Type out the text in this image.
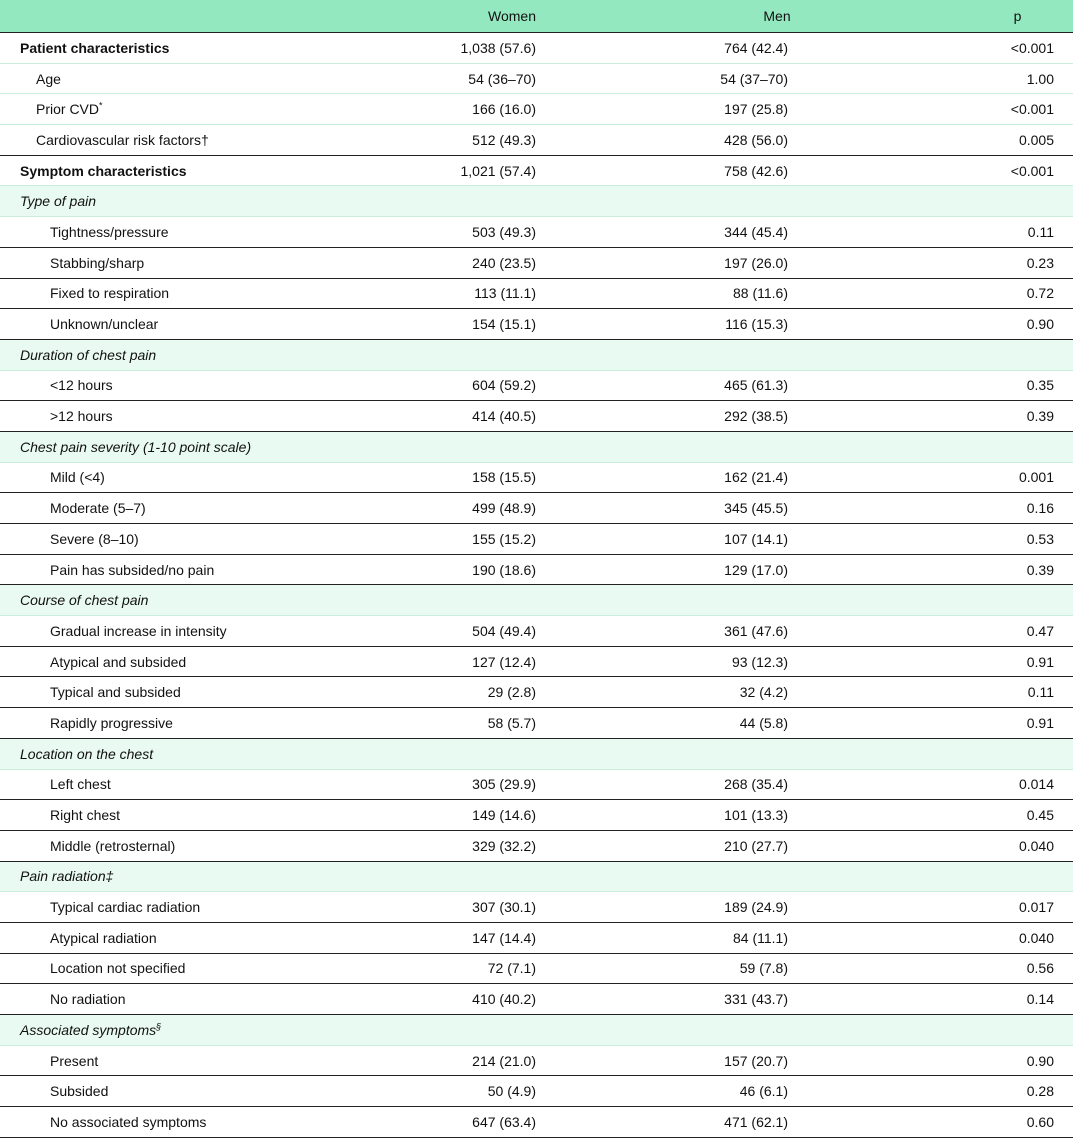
	Women	Men	p
Patient characteristics	1,038 (57.6)	764 (42.4)	<0.001
Age	54 (36–70)	54 (37–70)	1.00
Prior CVD*	166 (16.0)	197 (25.8)	<0.001
Cardiovascular risk factors†	512 (49.3)	428 (56.0)	0.005
Symptom characteristics	1,021 (57.4)	758 (42.6)	<0.001
Type of pain			
Tightness/pressure	503 (49.3)	344 (45.4)	0.11
Stabbing/sharp	240 (23.5)	197 (26.0)	0.23
Fixed to respiration	113 (11.1)	88 (11.6)	0.72
Unknown/unclear	154 (15.1)	116 (15.3)	0.90
Duration of chest pain			
<12 hours	604 (59.2)	465 (61.3)	0.35
>12 hours	414 (40.5)	292 (38.5)	0.39
Chest pain severity (1-10 point scale)			
Mild (<4)	158 (15.5)	162 (21.4)	0.001
Moderate (5–7)	499 (48.9)	345 (45.5)	0.16
Severe (8–10)	155 (15.2)	107 (14.1)	0.53
Pain has subsided/no pain	190 (18.6)	129 (17.0)	0.39
Course of chest pain			
Gradual increase in intensity	504 (49.4)	361 (47.6)	0.47
Atypical and subsided	127 (12.4)	93 (12.3)	0.91
Typical and subsided	29 (2.8)	32 (4.2)	0.11
Rapidly progressive	58 (5.7)	44 (5.8)	0.91
Location on the chest			
Left chest	305 (29.9)	268 (35.4)	0.014
Right chest	149 (14.6)	101 (13.3)	0.45
Middle (retrosternal)	329 (32.2)	210 (27.7)	0.040
Pain radiation‡			
Typical cardiac radiation	307 (30.1)	189 (24.9)	0.017
Atypical radiation	147 (14.4)	84 (11.1)	0.040
Location not specified	72 (7.1)	59 (7.8)	0.56
No radiation	410 (40.2)	331 (43.7)	0.14
Associated symptoms§			
Present	214 (21.0)	157 (20.7)	0.90
Subsided	50 (4.9)	46 (6.1)	0.28
No associated symptoms	647 (63.4)	471 (62.1)	0.60
